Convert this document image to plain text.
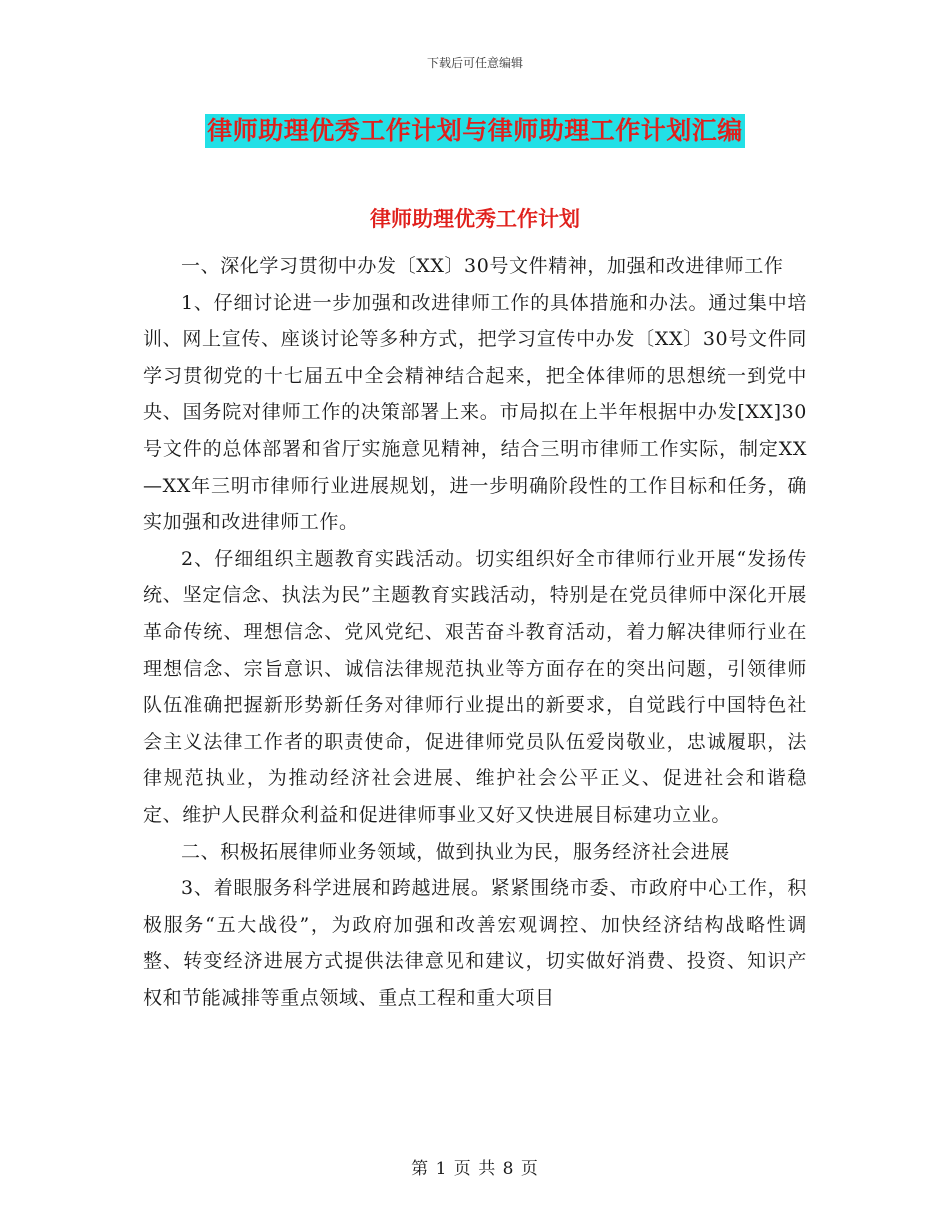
下载后可任意编辑
律师助理优秀工作计划与律师助理工作计划汇编
律师助理优秀工作计划

一、深化学习贯彻中办发〔XX〕30号文件精神，加强和改进律师工作

1、仔细讨论进一步加强和改进律师工作的具体措施和办法。通过集中培训、网上宣传、座谈讨论等多种方式，把学习宣传中办发〔XX〕30号文件同学习贯彻党的十七届五中全会精神结合起来，把全体律师的思想统一到党中央、国务院对律师工作的决策部署上来。市局拟在上半年根据中办发[XX]30号文件的总体部署和省厅实施意见精神，结合三明市律师工作实际，制定XX—XX年三明市律师行业进展规划，进一步明确阶段性的工作目标和任务，确实加强和改进律师工作。

2、仔细组织主题教育实践活动。切实组织好全市律师行业开展“发扬传统、坚定信念、执法为民”主题教育实践活动，特别是在党员律师中深化开展革命传统、理想信念、党风党纪、艰苦奋斗教育活动，着力解决律师行业在理想信念、宗旨意识、诚信法律规范执业等方面存在的突出问题，引领律师队伍准确把握新形势新任务对律师行业提出的新要求，自觉践行中国特色社会主义法律工作者的职责使命，促进律师党员队伍爱岗敬业，忠诚履职，法律规范执业，为推动经济社会进展、维护社会公平正义、促进社会和谐稳定、维护人民群众利益和促进律师事业又好又快进展目标建功立业。

二、积极拓展律师业务领域，做到执业为民，服务经济社会进展

3、着眼服务科学进展和跨越进展。紧紧围绕市委、市政府中心工作，积极服务“五大战役”，为政府加强和改善宏观调控、加快经济结构战略性调整、转变经济进展方式提供法律意见和建议，切实做好消费、投资、知识产权和节能减排等重点领域、重点工程和重大项目

第 1 页 共 8 页
